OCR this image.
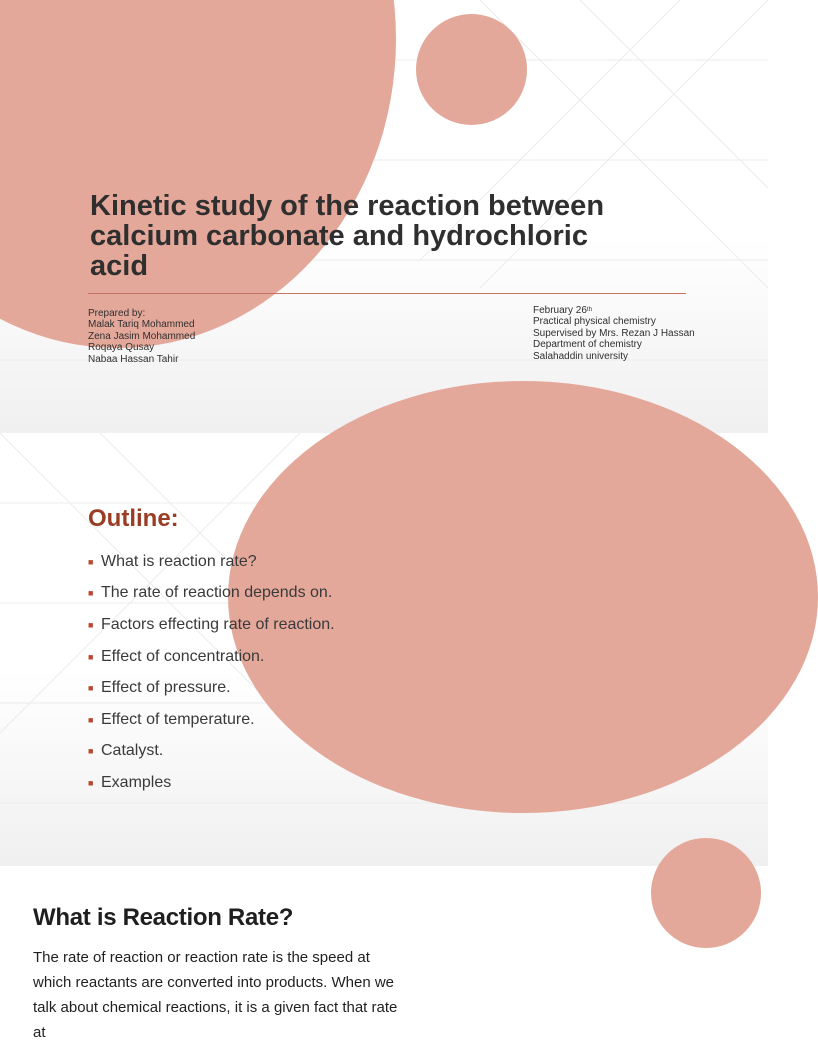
Kinetic study of the reaction between calcium carbonate and hydrochloric acid
Prepared by:
Malak Tariq Mohammed
Zena Jasim Mohammed
Roqaya Qusay
Nabaa Hassan Tahir
February 26th
Practical physical chemistry
Supervised by Mrs. Rezan J Hassan
Department of chemistry
Salahaddin university
Outline:
■ What is reaction rate?
■ The rate of reaction depends on.
■ Factors effecting rate of reaction.
■ Effect of concentration.
■ Effect of pressure.
■ Effect of temperature.
■ Catalyst.
■ Examples
What is Reaction Rate?

The rate of reaction or reaction rate is the speed at which reactants are converted into products. When we talk about chemical reactions, it is a given fact that rate at
